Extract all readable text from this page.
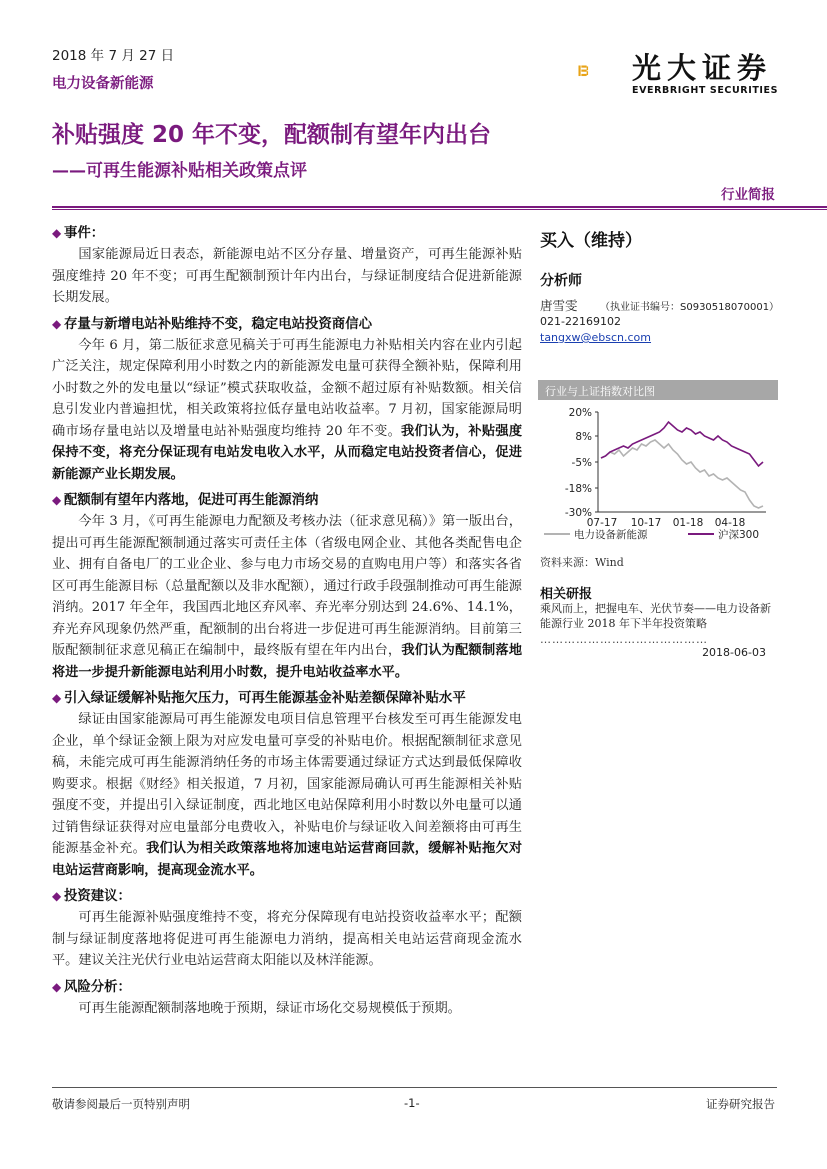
2018 年 7 月 27 日
电力设备新能源	光大证券
EVERBRIGHT SECURITIES
补贴强度 20 年不变，配额制有望年内出台
——可再生能源补贴相关政策点评
行业简报
◆ 事件：

国家能源局近日表态，新能源电站不区分存量、增量资产，可再生能源补贴强度维持 20 年不变；可再生配额制预计年内出台，与绿证制度结合促进新能源长期发展。

◆ 存量与新增电站补贴维持不变，稳定电站投资商信心

今年 6 月，第二版征求意见稿关于可再生能源电力补贴相关内容在业内引起广泛关注，规定保障利用小时数之内的新能源发电量可获得全额补贴，保障利用小时数之外的发电量以“绿证”模式获取收益，金额不超过原有补贴数额。相关信息引发业内普遍担忧，相关政策将拉低存量电站收益率。7 月初，国家能源局明确市场存量电站以及增量电站补贴强度均维持 20 年不变。我们认为，补贴强度保持不变，将充分保证现有电站发电收入水平，从而稳定电站投资者信心，促进新能源产业长期发展。

◆ 配额制有望年内落地，促进可再生能源消纳

今年 3 月，《可再生能源电力配额及考核办法（征求意见稿）》第一版出台，提出可再生能源配额制通过落实可责任主体（省级电网企业、其他各类配售电企业、拥有自备电厂的工业企业、参与电力市场交易的直购电用户等）和落实各省区可再生能源目标（总量配额以及非水配额），通过行政手段强制推动可再生能源消纳。2017 年全年，我国西北地区弃风率、弃光率分别达到 24.6%、14.1%，弃光弃风现象仍然严重，配额制的出台将进一步促进可再生能源消纳。目前第三版配额制征求意见稿正在编制中，最终版有望在年内出台，我们认为配额制落地将进一步提升新能源电站利用小时数，提升电站收益率水平。

◆ 引入绿证缓解补贴拖欠压力，可再生能源基金补贴差额保障补贴水平

绿证由国家能源局可再生能源发电项目信息管理平台核发至可再生能源发电企业，单个绿证金额上限为对应发电量可享受的补贴电价。根据配额制征求意见稿，未能完成可再生能源消纳任务的市场主体需要通过绿证方式达到最低保障收购要求。根据《财经》相关报道，7 月初，国家能源局确认可再生能源相关补贴强度不变，并提出引入绿证制度，西北地区电站保障利用小时数以外电量可以通过销售绿证获得对应电量部分电费收入，补贴电价与绿证收入间差额将由可再生能源基金补充。我们认为相关政策落地将加速电站运营商回款，缓解补贴拖欠对电站运营商影响，提高现金流水平。

◆ 投资建议：

可再生能源补贴强度维持不变，将充分保障现有电站投资收益率水平；配额制与绿证制度落地将促进可再生能源电力消纳，提高相关电站运营商现金流水平。建议关注光伏行业电站运营商太阳能以及林洋能源。

◆ 风险分析：

可再生能源配额制落地晚于预期，绿证市场化交易规模低于预期。

买入（维持）
分析师
唐雪雯 （执业证书编号：S0930518070001）
021-22169102
tangxw@ebscn.com
行业与上证指数对比图
20%
8%
-5%
-18%
-30%
07-17 10-17 01-18 04-18
电力设备新能源	沪深300
资料来源：Wind
相关研报
乘风而上，把握电车、光伏节奏——电力设备新能源行业 2018 年下半年投资策略
……………………………………
2018-06-03
敬请参阅最后一页特别声明	-1-	证券研究报告
